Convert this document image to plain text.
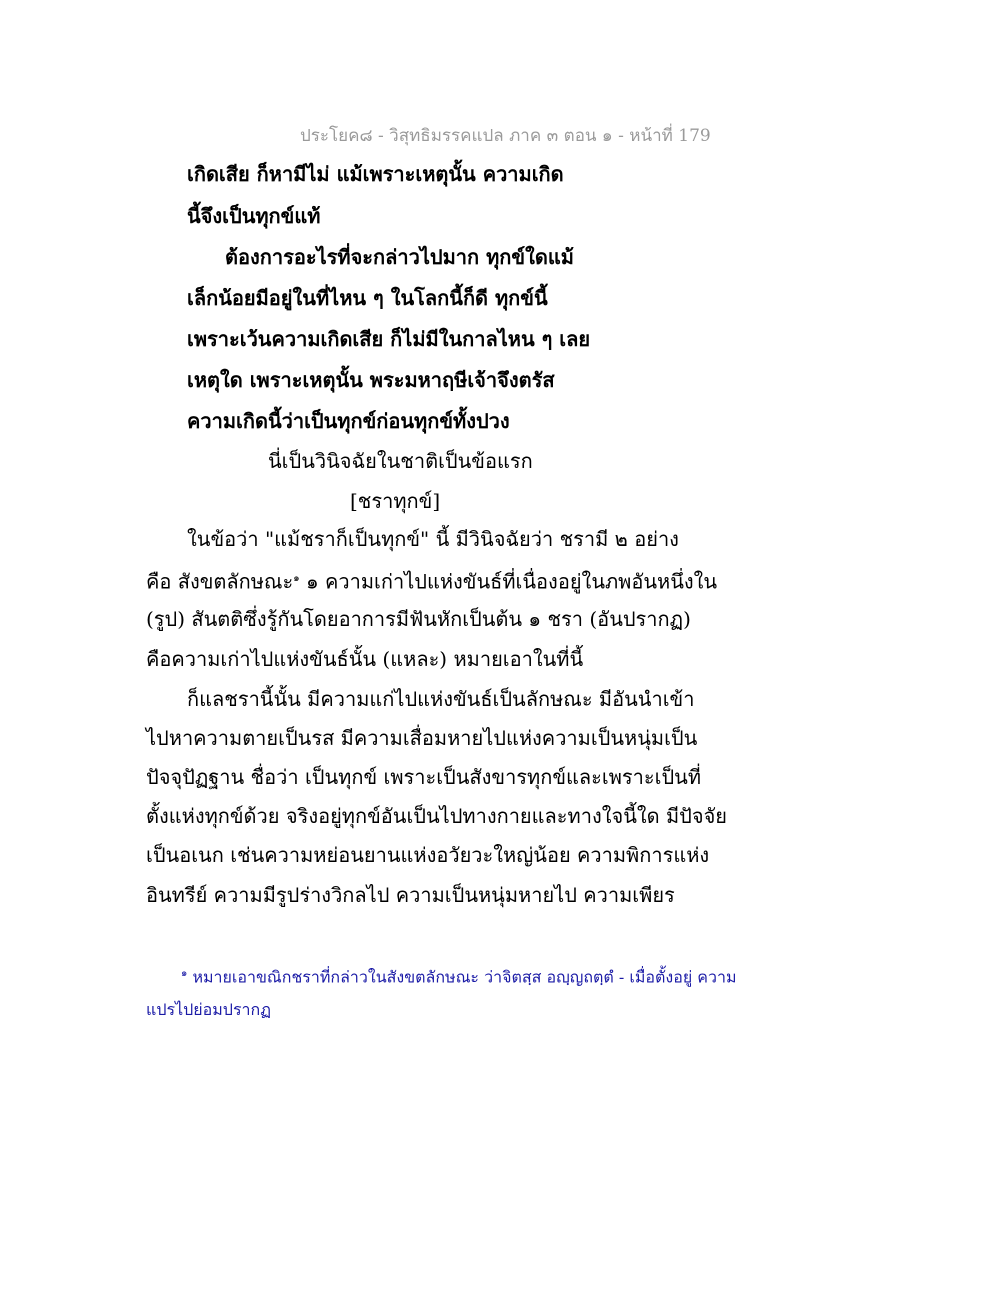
ประโยค๘ - วิสุทธิมรรคแปล ภาค ๓ ตอน ๑ - หน้าที่ 179
เกิดเสีย ก็หามีไม่ แม้เพราะเหตุนั้น ความเกิด
นี้จึงเป็นทุกข์แท้
ต้องการอะไรที่จะกล่าวไปมาก ทุกข์ใดแม้
เล็กน้อยมีอยู่ในที่ไหน ๆ ในโลกนี้ก็ดี ทุกข์นี้
เพราะเว้นความเกิดเสีย ก็ไม่มีในกาลไหน ๆ เลย
เหตุใด เพราะเหตุนั้น พระมหาฤษีเจ้าจึงตรัส
ความเกิดนี้ว่าเป็นทุกข์ก่อนทุกข์ทั้งปวง
นี่เป็นวินิจฉัยในชาติเป็นข้อแรก
[ชราทุกข์]
ในข้อว่า "แม้ชราก็เป็นทุกข์" นี้ มีวินิจฉัยว่า ชรามี ๒ อย่าง
คือ สังขตลักษณะ$^๑$ ๑ ความเก่าไปแห่งขันธ์ที่เนื่องอยู่ในภพอันหนึ่งใน
(รูป) สันตติซึ่งรู้กันโดยอาการมีฟันหักเป็นต้น ๑ ชรา (อันปรากฏ)
คือความเก่าไปแห่งขันธ์นั้น (แหละ) หมายเอาในที่นี้
ก็แลชรานี้นั้น มีความแก่ไปแห่งขันธ์เป็นลักษณะ มีอันนำเข้า
ไปหาความตายเป็นรส มีความเสื่อมหายไปแห่งความเป็นหนุ่มเป็น
ปัจจุปัฏฐาน ชื่อว่า เป็นทุกข์ เพราะเป็นสังขารทุกข์และเพราะเป็นที่
ตั้งแห่งทุกข์ด้วย จริงอยู่ทุกข์อันเป็นไปทางกายและทางใจนี้ใด มีปัจจัย
เป็นอเนก เช่นความหย่อนยานแห่งอวัยวะใหญ่น้อย ความพิการแห่ง
อินทรีย์ ความมีรูปร่างวิกลไป ความเป็นหนุ่มหายไป ความเพียร
$^๑$ หมายเอาขณิกชราที่กล่าวในสังขตลักษณะ ว่าจิตสฺส อญฺญถตฺตํ - เมื่อตั้งอยู่ ความ
แปรไปย่อมปรากฏ
